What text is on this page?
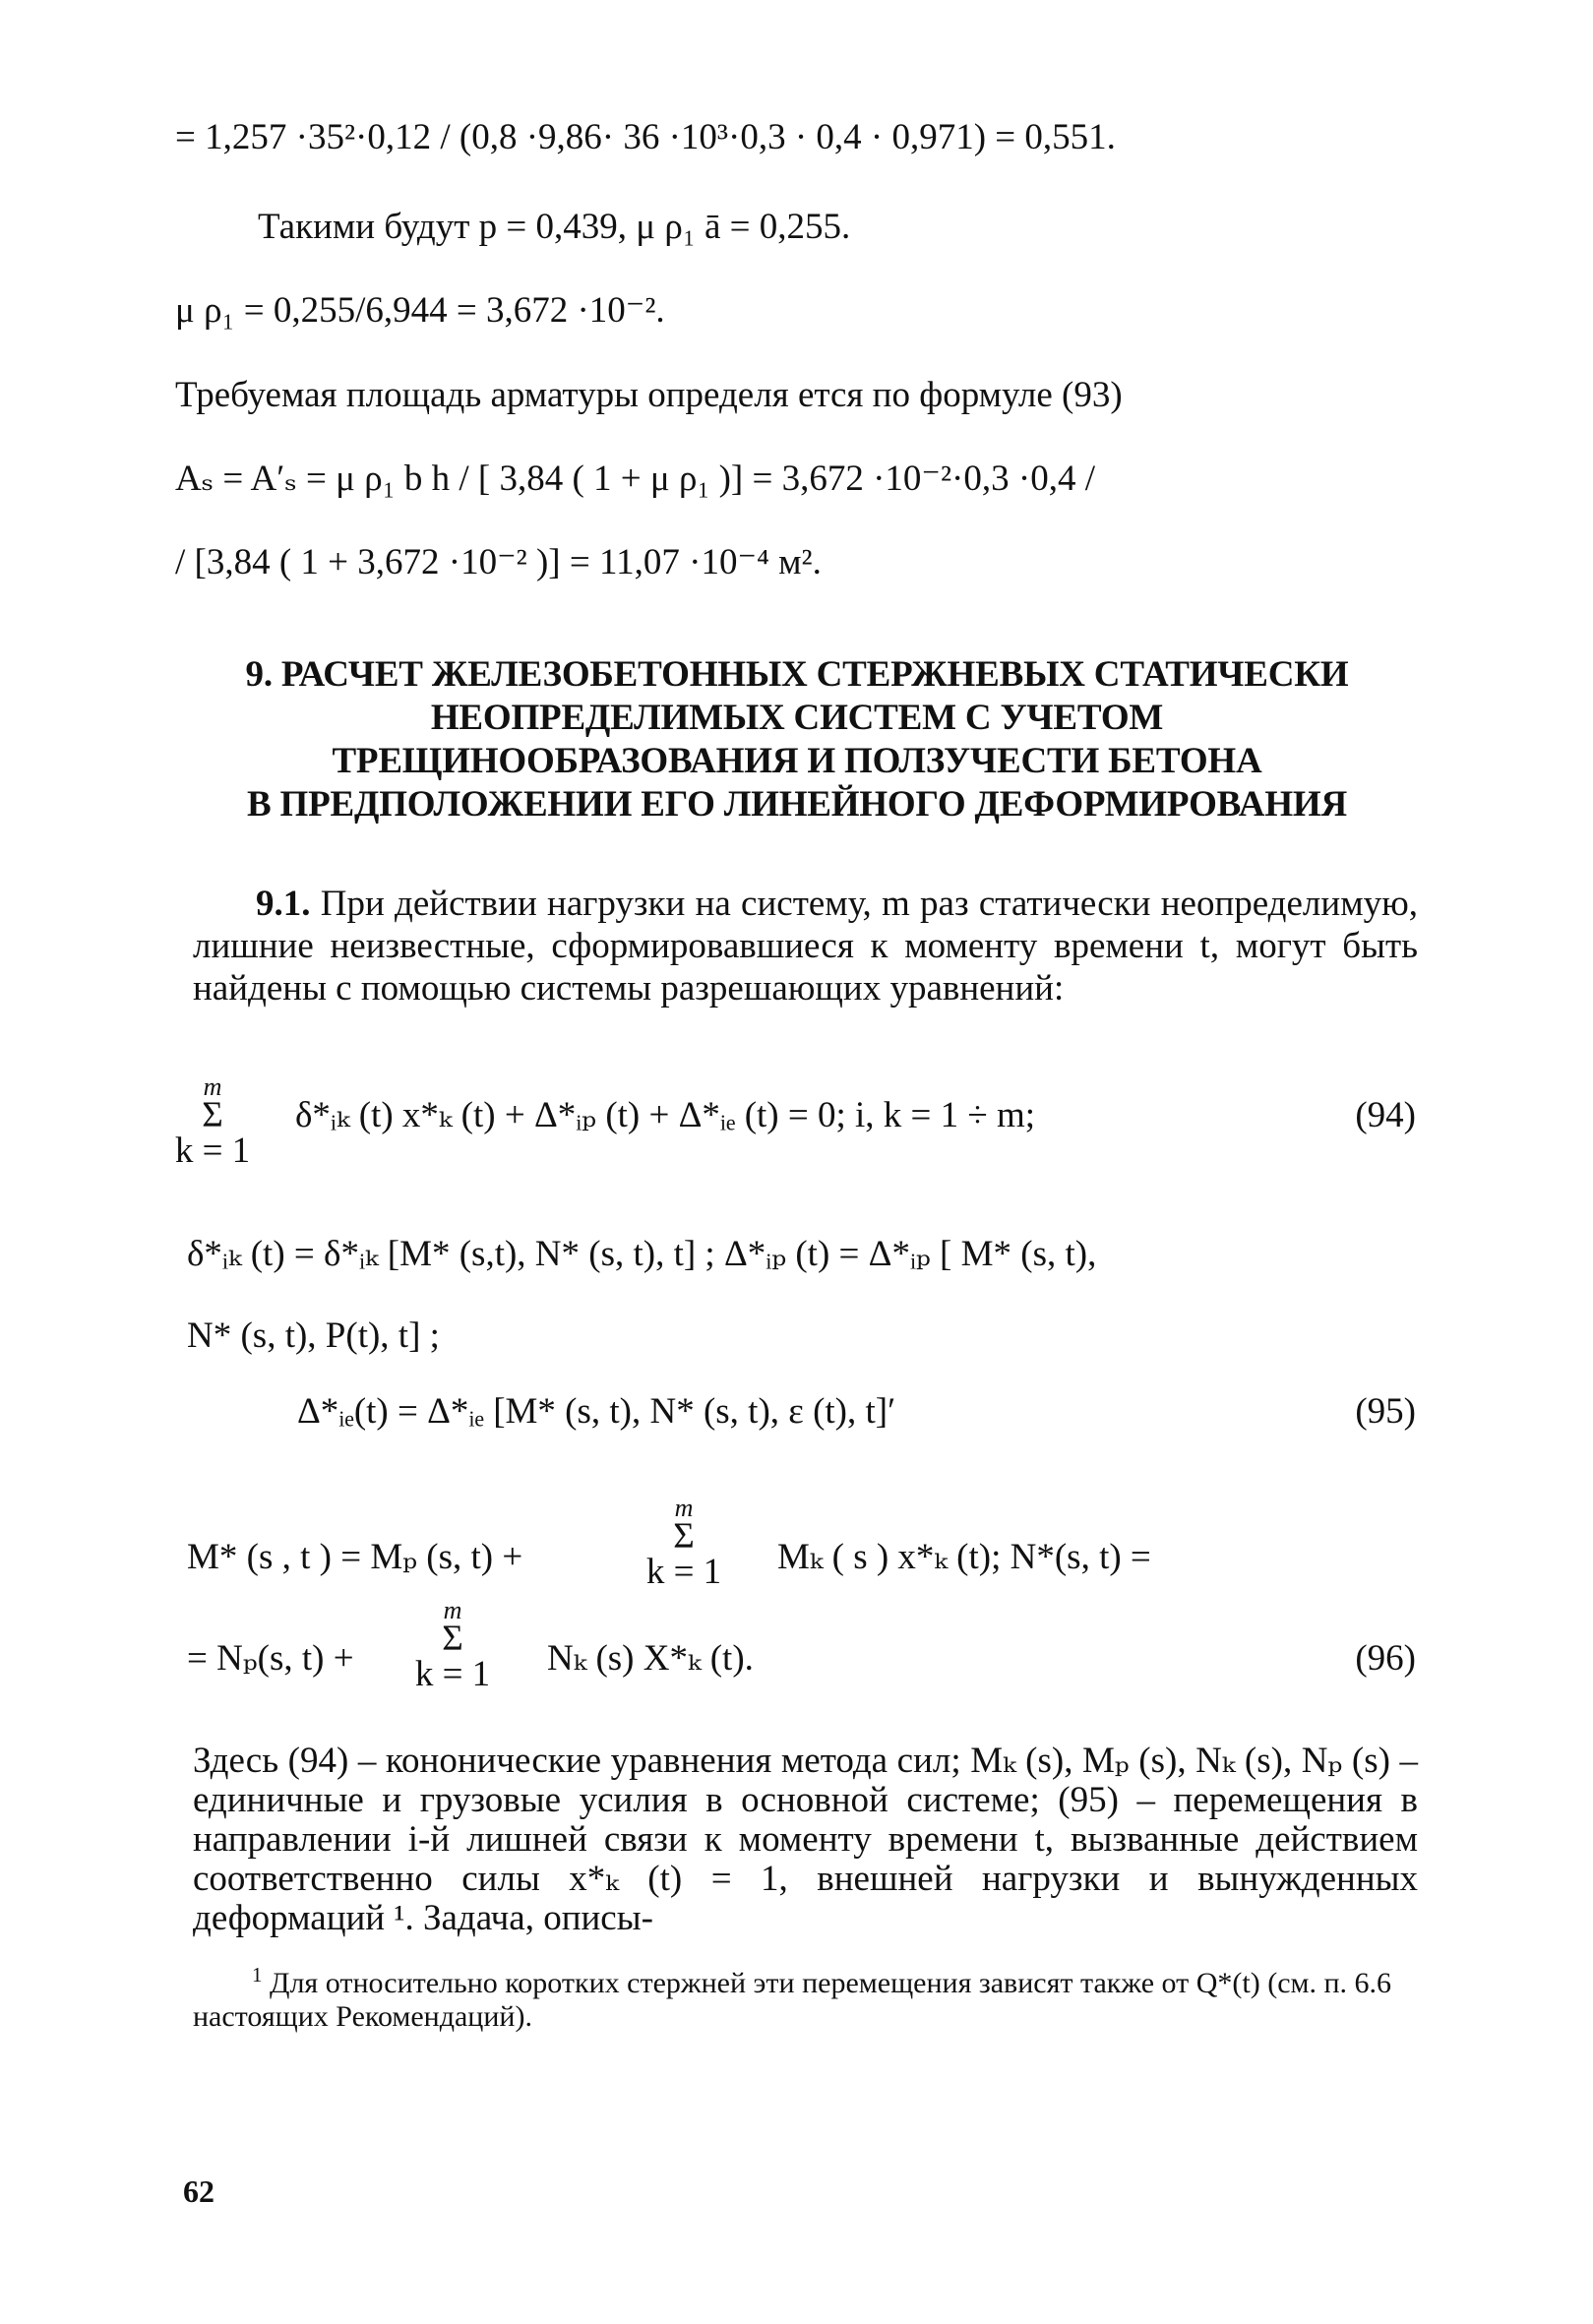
= 1,257 ·35²·0,12 / (0,8 ·9,86· 36 ·10³·0,3 · 0,4 · 0,971) = 0,551.
Такими будут р = 0,439, μ ρ₁ ā = 0,255.
μ ρ₁ = 0,255/6,944 = 3,672 ·10⁻².
Требуемая площадь арматуры определя ется по формуле (93)
Aₛ = A′ₛ = μ ρ₁ b h / [ 3,84 ( 1 + μ ρ₁ )] = 3,672 ·10⁻²·0,3 ·0,4 /
/ [3,84 ( 1 + 3,672 ·10⁻² )] = 11,07 ·10⁻⁴ м².
9. РАСЧЕТ ЖЕЛЕЗОБЕТОННЫХ СТЕРЖНЕВЫХ СТАТИЧЕСКИ
НЕОПРЕДЕЛИМЫХ СИСТЕМ С УЧЕТОМ
ТРЕЩИНООБРАЗОВАНИЯ И ПОЛЗУЧЕСТИ БЕТОНА
В ПРЕДПОЛОЖЕНИИ ЕГО ЛИНЕЙНОГО ДЕФОРМИРОВАНИЯ
9.1. При действии нагрузки на систему, m раз статически неопределимую, лишние неизвестные, сформировавшиеся к моменту времени t, могут быть найдены с помощью системы разрешающих уравнений:
m
Σ
k = 1
δ*ᵢₖ (t) x*ₖ (t) + Δ*ᵢₚ (t) + Δ*ᵢₑ (t) = 0; i, k = 1 ÷ m;	(94)
δ*ᵢₖ (t) = δ*ᵢₖ [M* (s,t), N* (s, t), t] ; Δ*ᵢₚ (t) = Δ*ᵢₚ [ M* (s, t),
N* (s, t), P(t), t] ;
Δ*ᵢₑ(t) = Δ*ᵢₑ [M* (s, t), N* (s, t), ε (t), t]′	(95)
M* (s , t ) = Mₚ (s, t) +
m
Σ
k = 1	Mₖ ( s ) x*ₖ (t); N*(s, t) =
= Nₚ(s, t) +
m
Σ
k = 1	Nₖ (s) X*ₖ (t).	(96)
Здесь (94) – кононические уравнения метода сил; Mₖ (s), Mₚ (s), Nₖ (s), Nₚ (s) – единичные и грузовые усилия в основной системе; (95) – перемещения в направлении i-й лишней связи к моменту времени t, вызванные действием соответственно силы x*ₖ (t) = 1, внешней нагрузки и вынужденных деформаций ¹. Задача, описы-
$^1$ Для относительно коротких стержней эти перемещения зависят также от Q*(t) (см. п. 6.6 настоящих Рекомендаций).
62
